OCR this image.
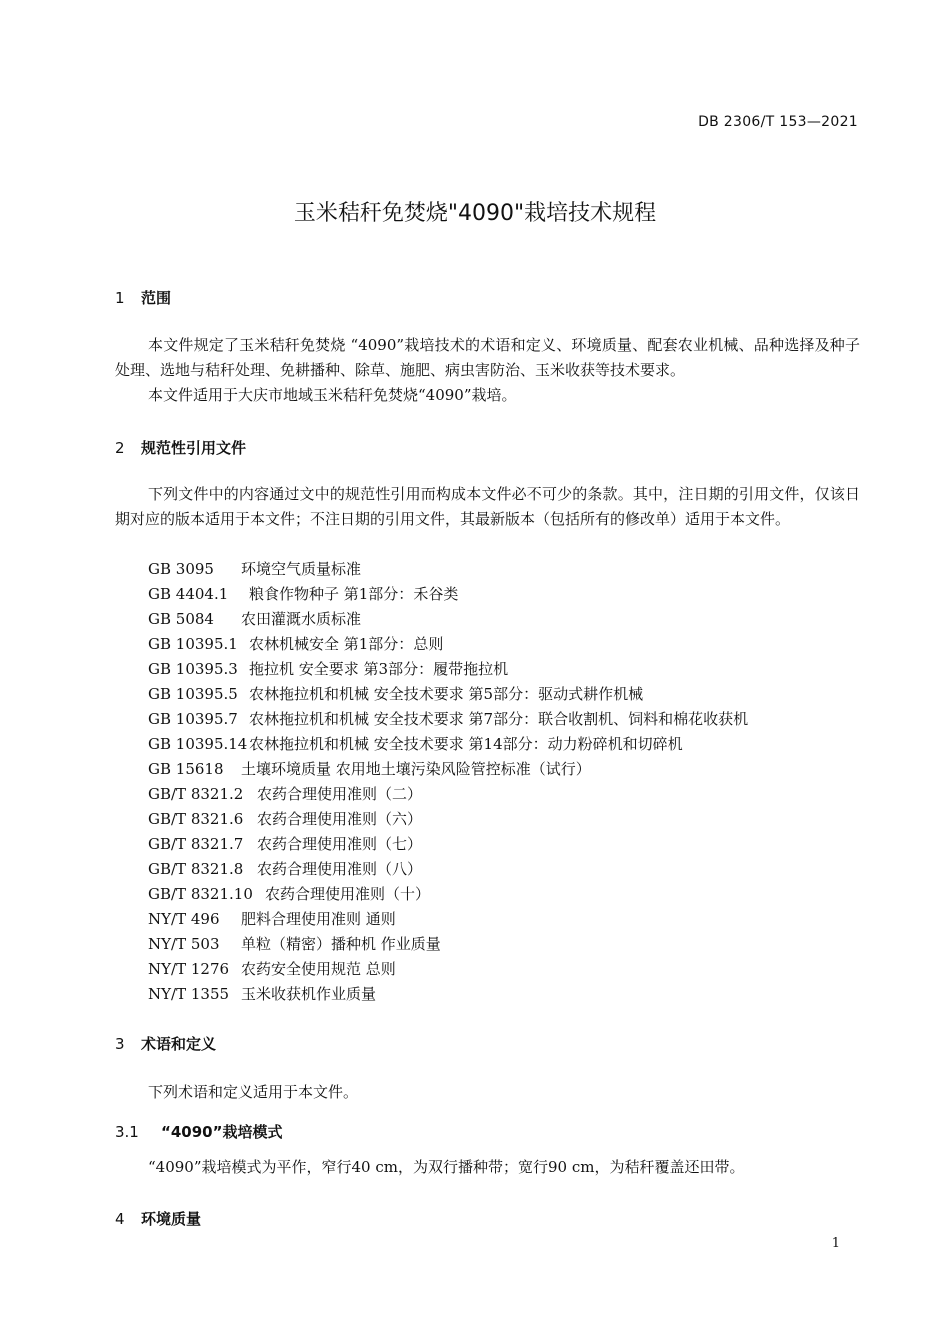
DB 2306/T 153—2021
玉米秸秆免焚烧"4090"栽培技术规程
1 范围
本文件规定了玉米秸秆免焚烧 “4090”栽培技术的术语和定义、环境质量、配套农业机械、品种选择及种子处理、选地与秸秆处理、免耕播种、除草、施肥、病虫害防治、玉米收获等技术要求。
本文件适用于大庆市地域玉米秸秆免焚烧“4090”栽培。
2 规范性引用文件
下列文件中的内容通过文中的规范性引用而构成本文件必不可少的条款。其中，注日期的引用文件，仅该日期对应的版本适用于本文件；不注日期的引用文件，其最新版本（包括所有的修改单）适用于本文件。
GB 3095 环境空气质量标准
GB 4404.1 粮食作物种子 第1部分：禾谷类
GB 5084 农田灌溉水质标准
GB 10395.1 农林机械安全 第1部分：总则
GB 10395.3 拖拉机 安全要求 第3部分：履带拖拉机
GB 10395.5 农林拖拉机和机械 安全技术要求 第5部分：驱动式耕作机械
GB 10395.7 农林拖拉机和机械 安全技术要求 第7部分：联合收割机、饲料和棉花收获机
GB 10395.14 农林拖拉机和机械 安全技术要求 第14部分：动力粉碎机和切碎机
GB 15618 土壤环境质量 农用地土壤污染风险管控标准（试行）
GB/T 8321.2 农药合理使用准则（二）
GB/T 8321.6 农药合理使用准则（六）
GB/T 8321.7 农药合理使用准则（七）
GB/T 8321.8 农药合理使用准则（八）
GB/T 8321.10 农药合理使用准则（十）
NY/T 496 肥料合理使用准则 通则
NY/T 503 单粒（精密）播种机 作业质量
NY/T 1276 农药安全使用规范 总则
NY/T 1355 玉米收获机作业质量
3 术语和定义
下列术语和定义适用于本文件。
3.1 “4090”栽培模式
“4090”栽培模式为平作，窄行40 cm，为双行播种带；宽行90 cm，为秸秆覆盖还田带。
4 环境质量
1
